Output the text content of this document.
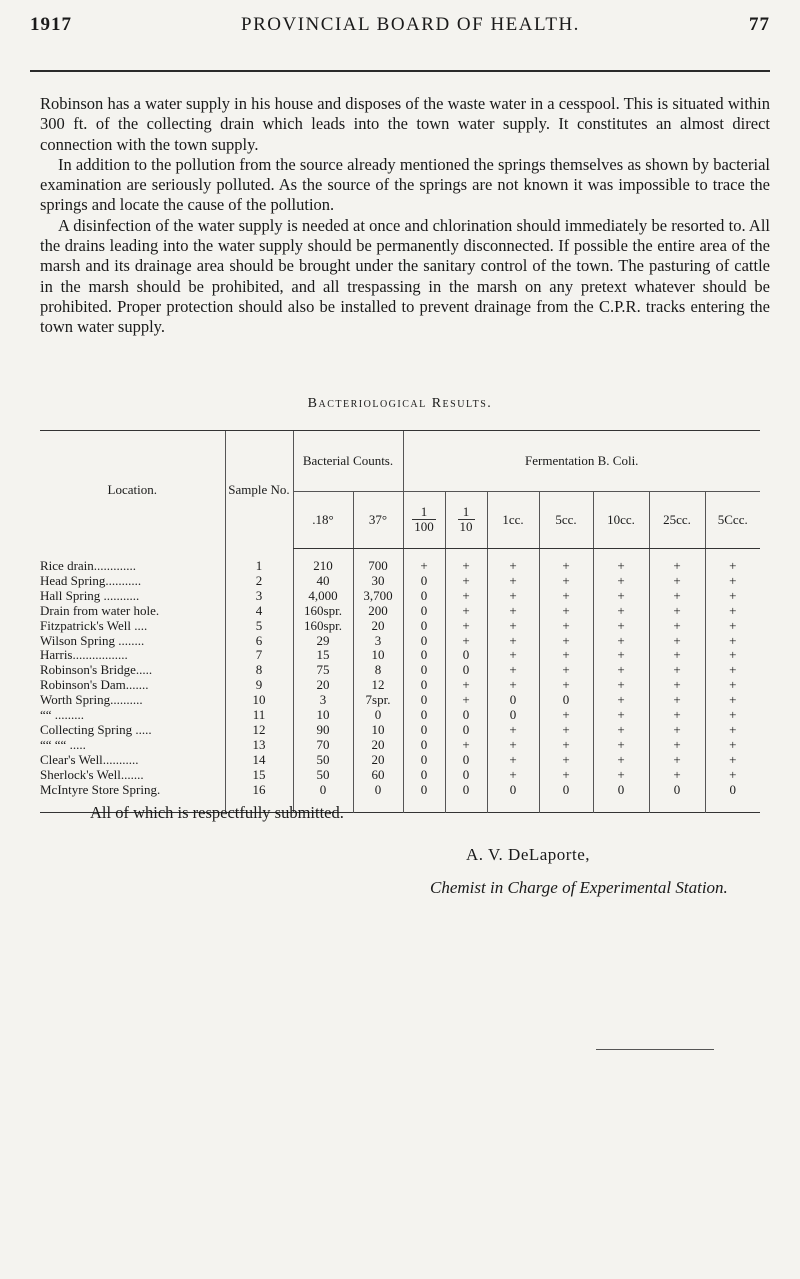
1917	PROVINCIAL BOARD OF HEALTH.	77

Robinson has a water supply in his house and disposes of the waste water in a cesspool. This is situated within 300 ft. of the collecting drain which leads into the town water supply. It constitutes an almost direct connection with the town supply.

In addition to the pollution from the source already mentioned the springs themselves as shown by bacterial examination are seriously polluted. As the source of the springs are not known it was impossible to trace the springs and locate the cause of the pollution.

A disinfection of the water supply is needed at once and chlorination should immediately be resorted to. All the drains leading into the water supply should be permanently disconnected. If possible the entire area of the marsh and its drainage area should be brought under the sanitary control of the town. The pasturing of cattle in the marsh should be prohibited, and all trespassing in the marsh on any pretext whatever should be prohibited. Proper protection should also be installed to prevent drainage from the C.P.R. tracks entering the town water supply.

Bacteriological Results.
Location.	Sample No.	Bacterial Counts.		Fermentation B. Coli.						
		.18°	37°	$\frac{1}{100}$	$\frac{1}{10}$	1cc.	5cc.	10cc.	25cc.	5Ccc.
Rice drain.............	1	210	700	+	+	+	+	+	+	+
Head Spring...........	2	40	30	0	+	+	+	+	+	+
Hall Spring ...........	3	4,000	3,700	0	+	+	+	+	+	+
Drain from water hole.	4	160spr.	200	0	+	+	+	+	+	+
Fitzpatrick's Well ....	5	160spr.	20	0	+	+	+	+	+	+
Wilson Spring ........	6	29	3	0	+	+	+	+	+	+
Harris.................	7	15	10	0	0	+	+	+	+	+
Robinson's Bridge.....	8	75	8	0	0	+	+	+	+	+
Robinson's Dam.......	9	20	12	0	+	+	+	+	+	+
Worth Spring..........	10	3	7spr.	0	+	0	0	+	+	+
““ .........	11	10	0	0	0	0	+	+	+	+
Collecting Spring .....	12	90	10	0	0	+	+	+	+	+
““ ““ .....	13	70	20	0	+	+	+	+	+	+
Clear's Well...........	14	50	20	0	0	+	+	+	+	+
Sherlock's Well.......	15	50	60	0	0	+	+	+	+	+
McIntyre Store Spring.	16	0	0	0	0	0	0	0	0	0
All of which is respectfully submitted.
A. V. DeLaporte,
Chemist in Charge of Experimental Station.
